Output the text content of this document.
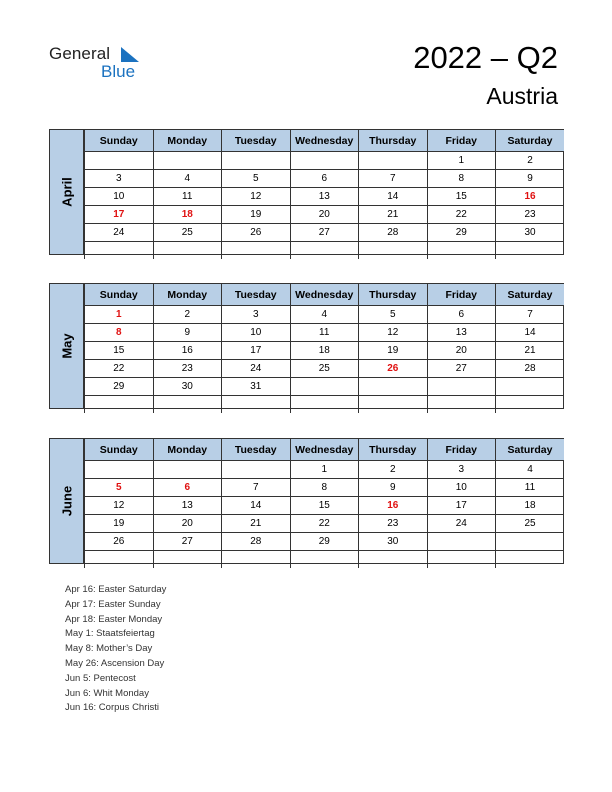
General
Blue	2022 – Q2
Austria
April
Sunday	Monday	Tuesday	Wednesday	Thursday	Friday	Saturday
					1	2
3	4	5	6	7	8	9
10	11	12	13	14	15	16
17	18	19	20	21	22	23
24	25	26	27	28	29	30

May
Sunday	Monday	Tuesday	Wednesday	Thursday	Friday	Saturday
1	2	3	4	5	6	7
8	9	10	11	12	13	14
15	16	17	18	19	20	21
22	23	24	25	26	27	28
29	30	31				

June
Sunday	Monday	Tuesday	Wednesday	Thursday	Friday	Saturday
			1	2	3	4
5	6	7	8	9	10	11
12	13	14	15	16	17	18
19	20	21	22	23	24	25
26	27	28	29	30		

Apr 16: Easter Saturday
Apr 17: Easter Sunday
Apr 18: Easter Monday
May 1: Staatsfeiertag
May 8: Mother’s Day
May 26: Ascension Day
Jun 5: Pentecost
Jun 6: Whit Monday
Jun 16: Corpus Christi
